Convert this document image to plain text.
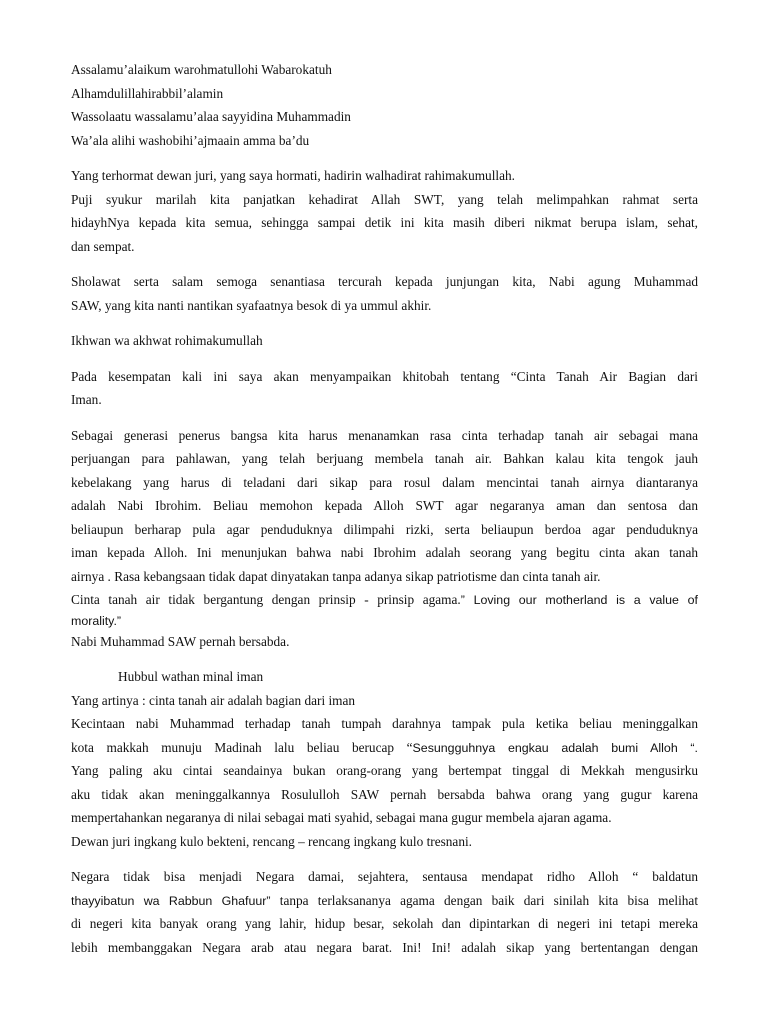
Assalamu’alaikum warohmatullohi Wabarokatuh
Alhamdulillahirabbil’alamin
Wassolaatu wassalamu’alaa sayyidina Muhammadin
Wa’ala alihi washobihi’ajmaain amma ba’du
Yang terhormat dewan juri, yang saya hormati, hadirin walhadirat rahimakumullah.
Puji syukur marilah kita panjatkan kehadirat Allah SWT, yang telah melimpahkan rahmat serta
hidayhNya kepada kita semua, sehingga sampai detik ini kita masih diberi nikmat berupa islam, sehat,
dan sempat.
Sholawat serta salam semoga senantiasa tercurah kepada junjungan kita, Nabi agung Muhammad
SAW, yang kita nanti nantikan syafaatnya besok di ya ummul akhir.
Ikhwan wa akhwat rohimakumullah
Pada kesempatan kali ini saya akan menyampaikan khitobah tentang “Cinta Tanah Air Bagian dari
Iman.
Sebagai generasi penerus bangsa kita harus menanamkan rasa cinta terhadap tanah air sebagai mana
perjuangan para pahlawan, yang telah berjuang membela tanah air. Bahkan kalau kita tengok jauh
kebelakang yang harus di teladani dari sikap para rosul dalam mencintai tanah airnya diantaranya
adalah Nabi Ibrohim. Beliau memohon kepada Alloh SWT agar negaranya aman dan sentosa dan
beliaupun berharap pula agar penduduknya dilimpahi rizki, serta beliaupun berdoa agar penduduknya
iman kepada Alloh. Ini menunjukan bahwa nabi Ibrohim adalah seorang yang begitu cinta akan tanah
airnya . Rasa kebangsaan tidak dapat dinyatakan tanpa adanya sikap patriotisme dan cinta tanah air.
Cinta tanah air tidak bergantung dengan prinsip - prinsip agama.” Loving our motherland is a value of
morality.”
Nabi Muhammad SAW pernah bersabda.
Hubbul wathan minal iman
Yang artinya : cinta tanah air adalah bagian dari iman
Kecintaan nabi Muhammad terhadap tanah tumpah darahnya tampak pula ketika beliau meninggalkan
kota makkah munuju Madinah lalu beliau berucap “Sesungguhnya engkau adalah bumi Alloh “.
Yang paling aku cintai seandainya bukan orang-orang yang bertempat tinggal di Mekkah mengusirku
aku tidak akan meninggalkannya Rosululloh SAW pernah bersabda bahwa orang yang gugur karena
mempertahankan negaranya di nilai sebagai mati syahid, sebagai mana gugur membela ajaran agama.
Dewan juri ingkang kulo bekteni, rencang – rencang ingkang kulo tresnani.
Negara tidak bisa menjadi Negara damai, sejahtera, sentausa mendapat ridho Alloh “ baldatun
thayyibatun wa Rabbun Ghafuur” tanpa terlaksananya agama dengan baik dari sinilah kita bisa melihat
di negeri kita banyak orang yang lahir, hidup besar, sekolah dan dipintarkan di negeri ini tetapi mereka
lebih membanggakan Negara arab atau negara barat. Ini! Ini! adalah sikap yang bertentangan dengan
